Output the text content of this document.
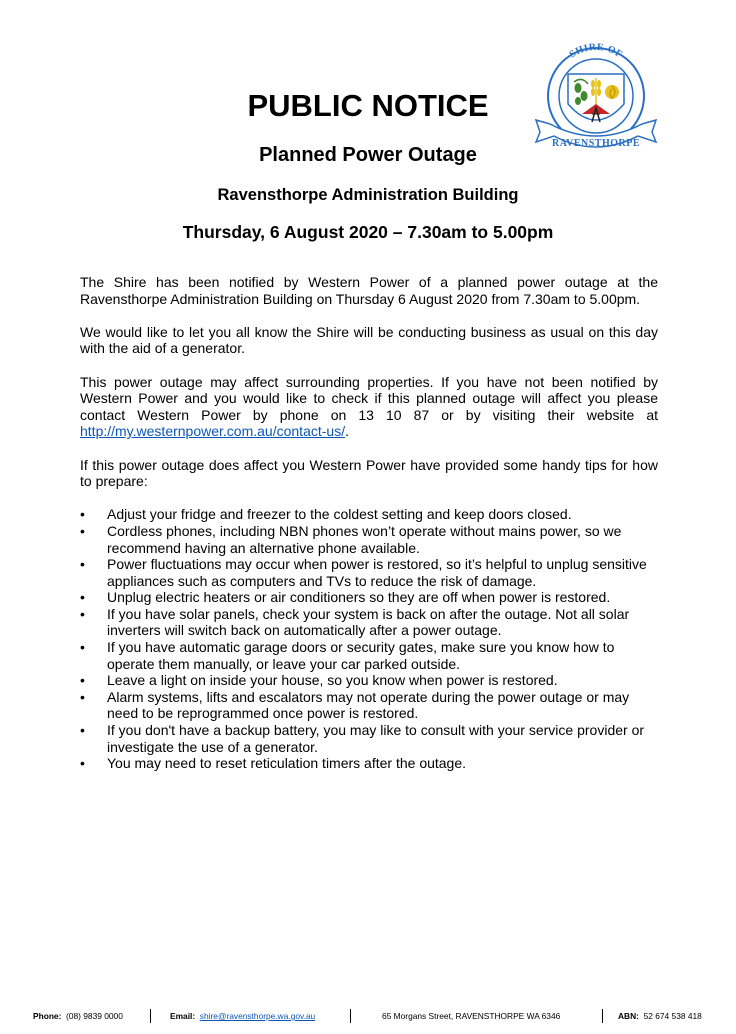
SHIRE OF
RAVENSTHORPE
PUBLIC NOTICE
Planned Power Outage
Ravensthorpe Administration Building
Thursday, 6 August 2020 – 7.30am to 5.00pm

The Shire has been notified by Western Power of a planned power outage at the Ravensthorpe Administration Building on Thursday 6 August 2020 from 7.30am to 5.00pm.

We would like to let you all know the Shire will be conducting business as usual on this day with the aid of a generator.

This power outage may affect surrounding properties. If you have not been notified by Western Power and you would like to check if this planned outage will affect you please contact Western Power by phone on 13 10 87 or by visiting their website at http://my.westernpower.com.au/contact-us/.

If this power outage does affect you Western Power have provided some handy tips for how to prepare:

• Adjust your fridge and freezer to the coldest setting and keep doors closed.
• Cordless phones, including NBN phones won’t operate without mains power, so we recommend having an alternative phone available.
• Power fluctuations may occur when power is restored, so it’s helpful to unplug sensitive appliances such as computers and TVs to reduce the risk of damage.
• Unplug electric heaters or air conditioners so they are off when power is restored.
• If you have solar panels, check your system is back on after the outage. Not all solar inverters will switch back on automatically after a power outage.
• If you have automatic garage doors or security gates, make sure you know how to operate them manually, or leave your car parked outside.
• Leave a light on inside your house, so you know when power is restored.
• Alarm systems, lifts and escalators may not operate during the power outage or may need to be reprogrammed once power is restored.
• If you don't have a backup battery, you may like to consult with your service provider or investigate the use of a generator.
• You may need to reset reticulation timers after the outage.
Phone: (08) 9839 0000	Email: shire@ravensthorpe.wa.gov.au	65 Morgans Street, RAVENSTHORPE WA 6346	ABN: 52 674 538 418
